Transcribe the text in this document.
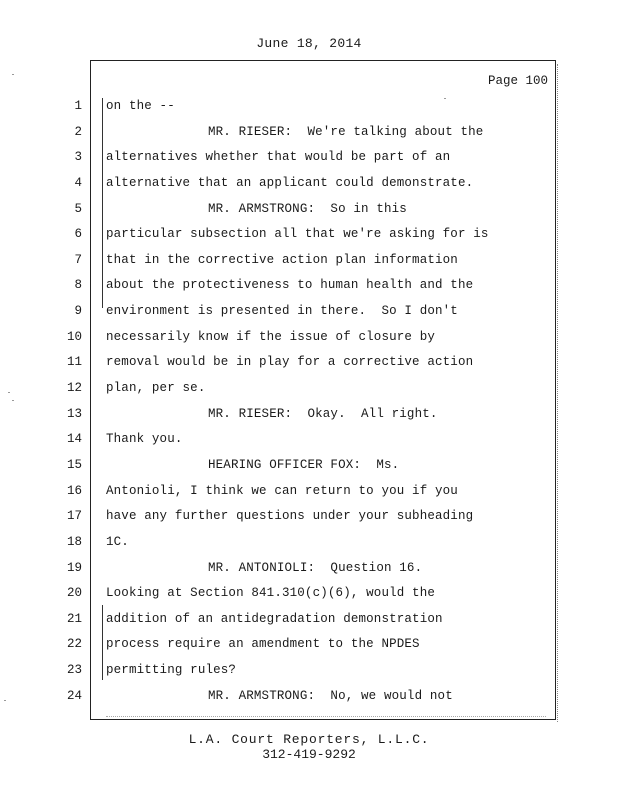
June 18, 2014
Page 100
1
2
3
4
5
6
7
8
9
10
11
12
13
14
15
16
17
18
19
20
21
22
23
24
on the --
MR. RIESER:  We're talking about the
alternatives whether that would be part of an
alternative that an applicant could demonstrate.
MR. ARMSTRONG:  So in this
particular subsection all that we're asking for is
that in the corrective action plan information
about the protectiveness to human health and the
environment is presented in there.  So I don't
necessarily know if the issue of closure by
removal would be in play for a corrective action
plan, per se.
MR. RIESER:  Okay.  All right.
Thank you.
HEARING OFFICER FOX:  Ms.
Antonioli, I think we can return to you if you
have any further questions under your subheading
1C.
MR. ANTONIOLI:  Question 16.
Looking at Section 841.310(c)(6), would the
addition of an antidegradation demonstration
process require an amendment to the NPDES
permitting rules?
MR. ARMSTRONG:  No, we would not
L.A. Court Reporters, L.L.C.
312-419-9292
